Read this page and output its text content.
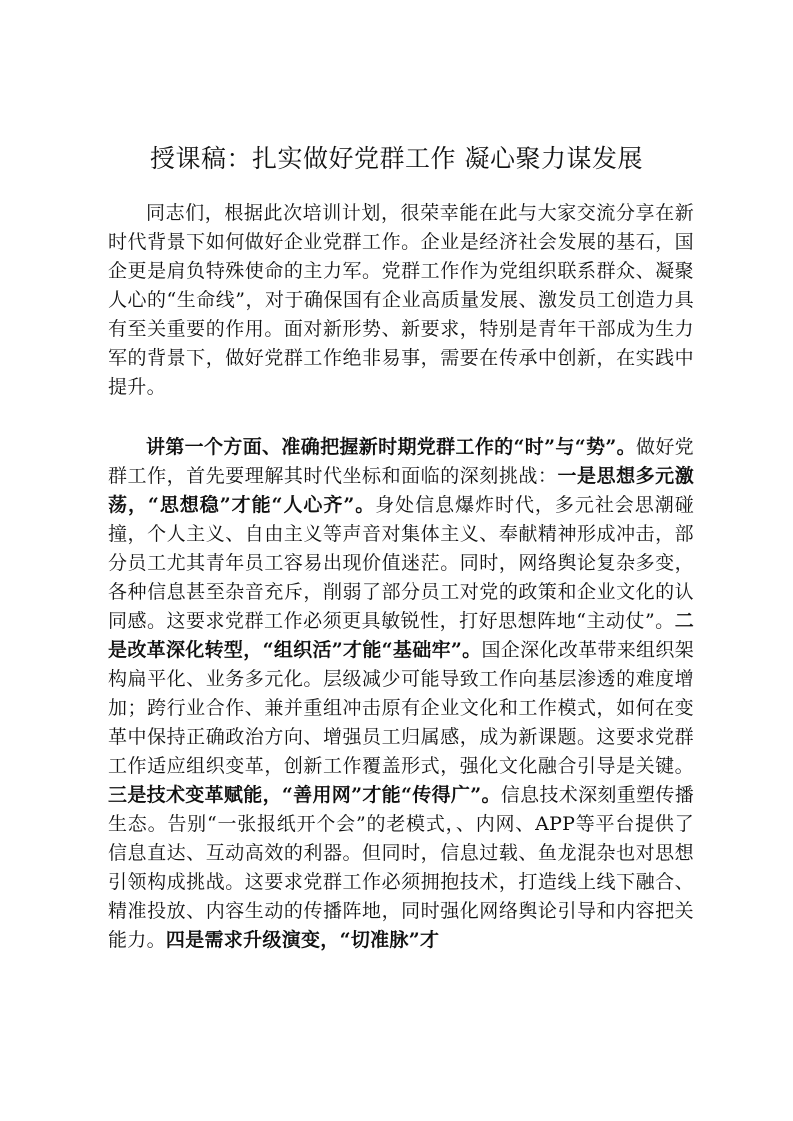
授课稿：扎实做好党群工作 凝心聚力谋发展

同志们，根据此次培训计划，很荣幸能在此与大家交流分享在新时代背景下如何做好企业党群工作。企业是经济社会发展的基石，国企更是肩负特殊使命的主力军。党群工作作为党组织联系群众、凝聚人心的“生命线”，对于确保国有企业高质量发展、激发员工创造力具有至关重要的作用。面对新形势、新要求，特别是青年干部成为生力军的背景下，做好党群工作绝非易事，需要在传承中创新，在实践中提升。

讲第一个方面、准确把握新时期党群工作的“时”与“势”。做好党群工作，首先要理解其时代坐标和面临的深刻挑战：一是思想多元激荡，“思想稳”才能“人心齐”。身处信息爆炸时代，多元社会思潮碰撞，个人主义、自由主义等声音对集体主义、奉献精神形成冲击，部分员工尤其青年员工容易出现价值迷茫。同时，网络舆论复杂多变，各种信息甚至杂音充斥，削弱了部分员工对党的政策和企业文化的认同感。这要求党群工作必须更具敏锐性，打好思想阵地“主动仗”。二是改革深化转型，“组织活”才能“基础牢”。国企深化改革带来组织架构扁平化、业务多元化。层级减少可能导致工作向基层渗透的难度增加；跨行业合作、兼并重组冲击原有企业文化和工作模式，如何在变革中保持正确政治方向、增强员工归属感，成为新课题。这要求党群工作适应组织变革，创新工作覆盖形式，强化文化融合引导是关键。三是技术变革赋能，“善用网”才能“传得广”。信息技术深刻重塑传播生态。告别“一张报纸开个会”的老模式，、内网、APP等平台提供了信息直达、互动高效的利器。但同时，信息过载、鱼龙混杂也对思想引领构成挑战。这要求党群工作必须拥抱技术，打造线上线下融合、精准投放、内容生动的传播阵地，同时强化网络舆论引导和内容把关能力。四是需求升级演变，“切准脉”才
